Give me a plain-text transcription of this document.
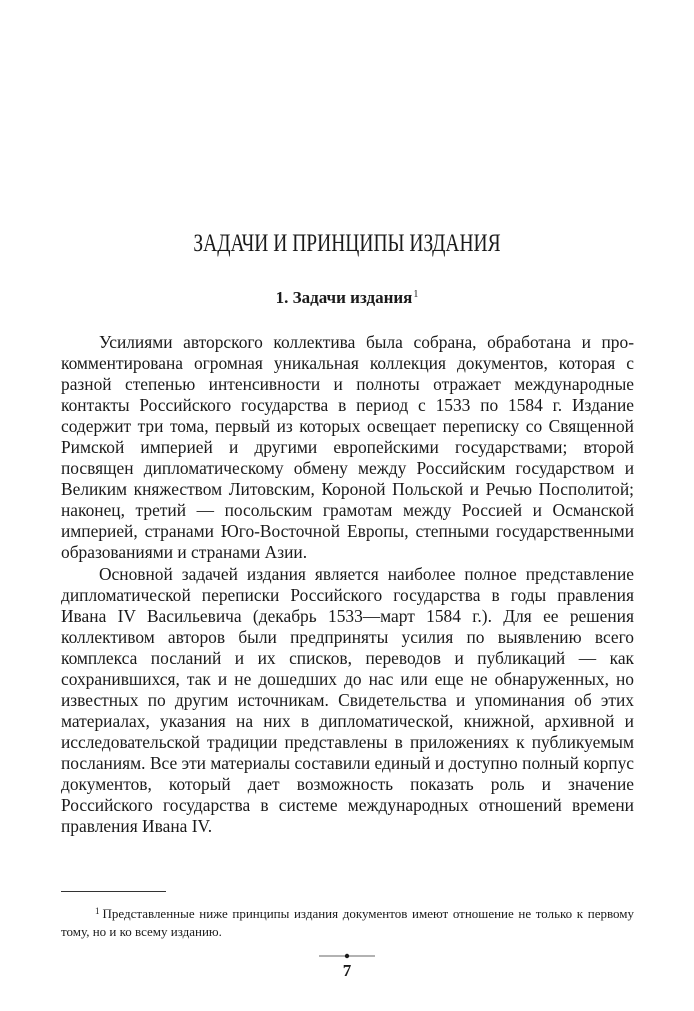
ЗАДАЧИ И ПРИНЦИПЫ ИЗДАНИЯ
1. Задачи издания$^1$

Усилиями авторского коллектива была собрана, обработана и прокомментирована огромная уникальная коллекция документов, которая с разной степенью интенсивности и полноты отражает международные контакты Российского государства в период с 1533 по 1584 г. Издание содержит три тома, первый из которых освещает переписку со Священной Римской империей и другими европейскими государствами; второй посвящен дипломатическому обмену между Российским государством и Великим княжеством Литовским, Короной Польской и Речью Посполитой; наконец, третий — посольским грамотам между Россией и Османской империей, странами Юго-Восточной Европы, степными государственными образованиями и странами Азии.

Основной задачей издания является наиболее полное представление дипломатической переписки Российского государства в годы правления Ивана IV Васильевича (декабрь 1533—март 1584 г.). Для ее решения коллективом авторов были предприняты усилия по выявлению всего комплекса посланий и их списков, переводов и публикаций — как сохранившихся, так и не дошедших до нас или еще не обнаруженных, но известных по другим источникам. Свидетельства и упоминания об этих материалах, указания на них в дипломатической, книжной, архивной и исследовательской традиции представлены в приложениях к публикуемым посланиям. Все эти материалы составили единый и доступно полный корпус документов, который дает возможность показать роль и значение Российского государства в системе международных отношений времени правления Ивана IV.

$^1$ Представленные ниже принципы издания документов имеют отношение не только к первому тому, но и ко всему изданию.
7
